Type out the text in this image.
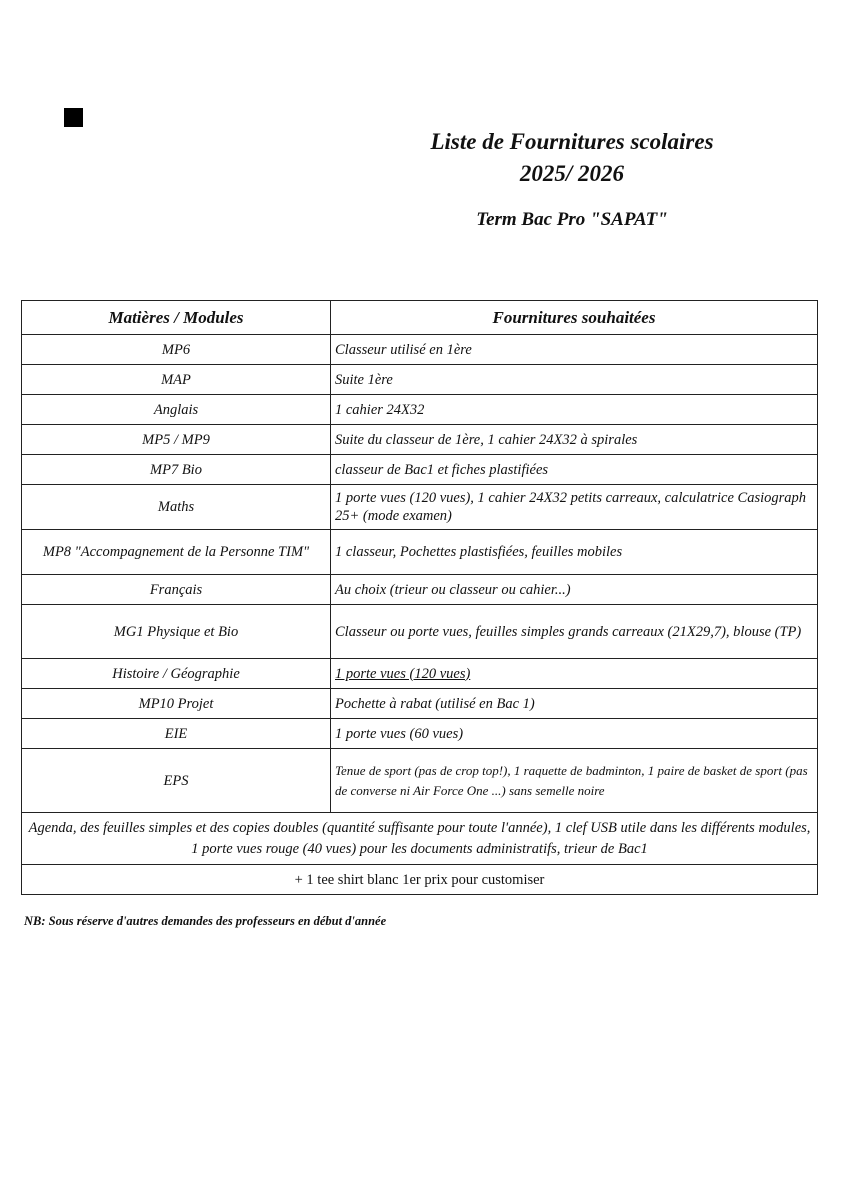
Liste de Fournitures scolaires
2025/ 2026
Term Bac Pro "SAPAT"
Matières / Modules	Fournitures souhaitées
MP6	Classeur utilisé en 1ère
MAP	Suite 1ère
Anglais	1 cahier 24X32
MP5 / MP9	Suite du classeur de 1ère, 1 cahier 24X32 à spirales
MP7 Bio	classeur de Bac1 et fiches plastifiées
Maths	1 porte vues (120 vues), 1 cahier 24X32 petits carreaux, calculatrice Casiograph 25+ (mode examen)
MP8 "Accompagnement de la Personne TIM"	1 classeur, Pochettes plastisfiées, feuilles mobiles
Français	Au choix (trieur ou classeur ou cahier...)
MG1 Physique et Bio	Classeur ou porte vues, feuilles simples grands carreaux (21X29,7), blouse (TP)
Histoire / Géographie	1 porte vues (120 vues)
MP10 Projet	Pochette à rabat (utilisé en Bac 1)
EIE	1 porte vues (60 vues)
EPS	Tenue de sport (pas de crop top!), 1 raquette de badminton, 1 paire de basket de sport (pas de converse ni Air Force One ...) sans semelle noire
Agenda, des feuilles simples et des copies doubles (quantité suffisante pour toute l'année), 1 clef USB utile dans les différents modules, 1 porte vues rouge (40 vues) pour les documents administratifs, trieur de Bac1	
+ 1 tee shirt blanc 1er prix pour customiser	
NB: Sous réserve d'autres demandes des professeurs en début d'année
